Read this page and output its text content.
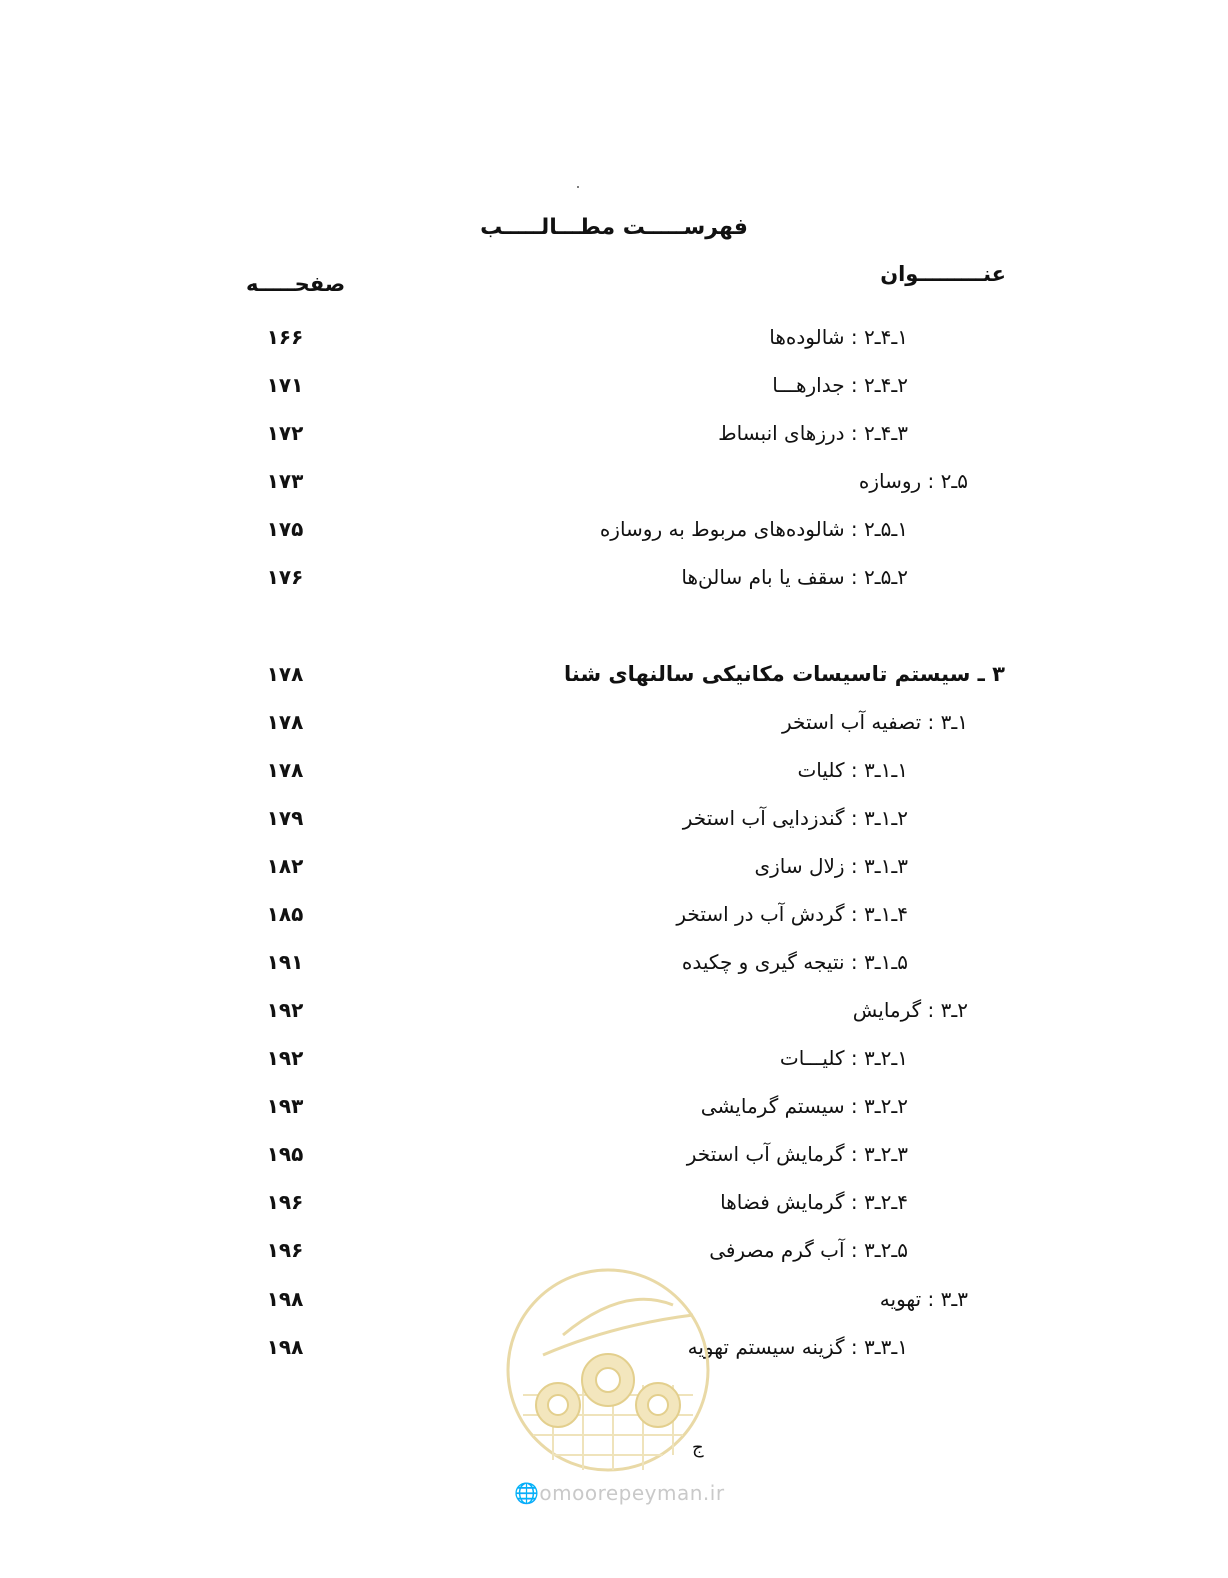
فهرســـــت مطـــالـــــب
عنـــــــــوان
صفحـــــه
۱ـ۴ـ۲ : شالوده‌ها
۱۶۶
۲ـ۴ـ۲ : جدارهـــا
۱۷۱
۳ـ۴ـ۲ : درزهای انبساط
۱۷۲
۵ـ۲ : روسازه
۱۷۳
۱ـ۵ـ۲ : شالوده‌های مربوط به روسازه
۱۷۵
۲ـ۵ـ۲ : سقف یا بام سالن‌ها
۱۷۶
۳ ـ سیستم تاسیسات مکانیکی سالنهای شنا
۱۷۸
۱ـ۳ : تصفیه آب استخر
۱۷۸
۱ـ۱ـ۳ : کلیات
۱۷۸
۲ـ۱ـ۳ : گندزدایی آب استخر
۱۷۹
۳ـ۱ـ۳ : زلال سازی
۱۸۲
۴ـ۱ـ۳ : گردش آب در استخر
۱۸۵
۵ـ۱ـ۳ : نتیجه گیری و چکیده
۱۹۱
۲ـ۳ : گرمایش
۱۹۲
۱ـ۲ـ۳ : کلیـــات
۱۹۲
۲ـ۲ـ۳ : سیستم گرمایشی
۱۹۳
۳ـ۲ـ۳ : گرمایش آب استخر
۱۹۵
۴ـ۲ـ۳ : گرمایش فضاها
۱۹۶
۵ـ۲ـ۳ : آب گرم مصرفی
۱۹۶
۳ـ۳ : تهویه
۱۹۸
۱ـ۳ـ۳ : گزینه سیستم تهویه
۱۹۸
ج
🌐omoorepeyman.ir
